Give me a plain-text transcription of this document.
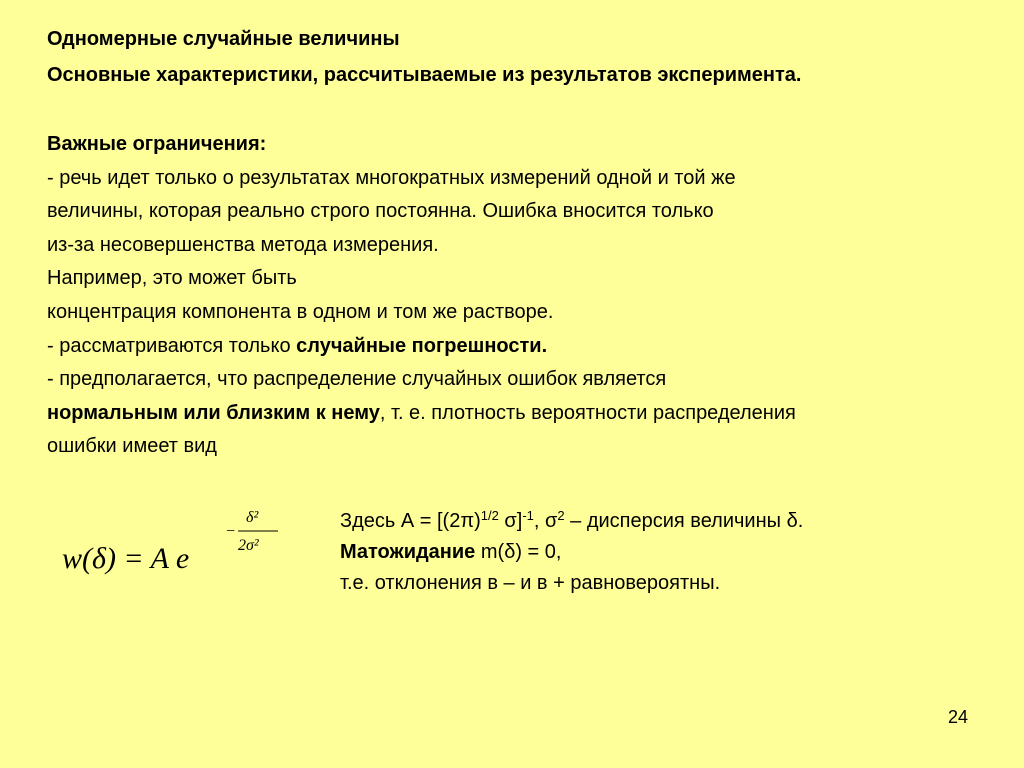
Одномерные случайные величины
Основные характеристики, рассчитываемые из результатов эксперимента.
Важные ограничения:
- речь идет только о результатах многократных измерений одной и той же
величины, которая реально строго постоянна. Ошибка вносится только
из-за несовершенства метода измерения.
Например, это может быть
концентрация компонента в одном и том же растворе.
- рассматриваются только случайные погрешности.
- предполагается, что распределение случайных ошибок является
нормальным или близким к нему, т. е. плотность вероятности распределения
ошибки имеет вид
w(δ) = A e
−
δ²
2σ²
Здесь $А = [(2\pi)^{1/2}$ σ]$^{-1}$, $\sigma^2$ – дисперсия величины δ.
Матожидание m(δ) = 0,
т.е. отклонения в – и в + равновероятны.
24
